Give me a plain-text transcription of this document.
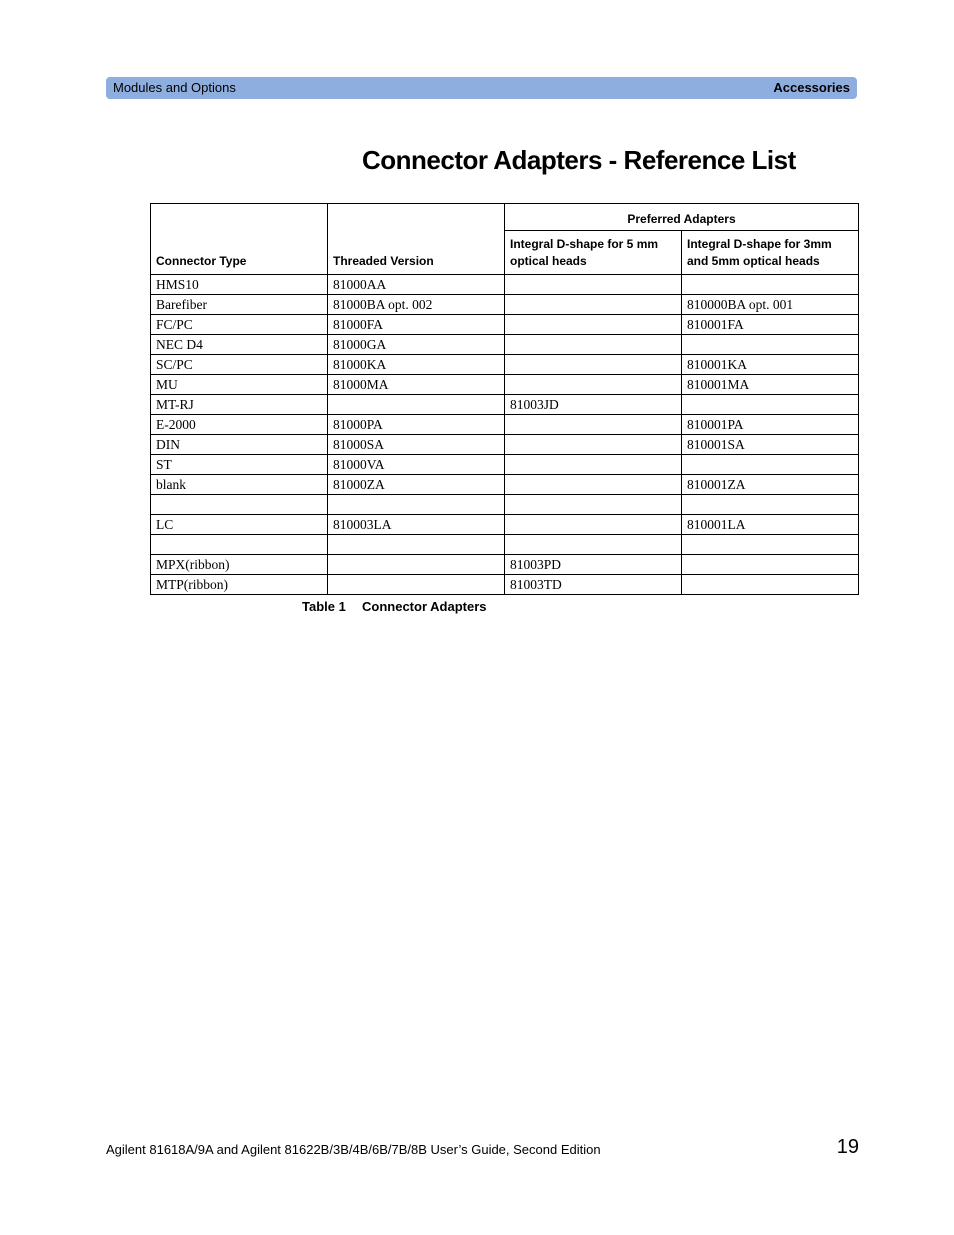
Modules and Options	Accessories
Connector Adapters - Reference List
Connector Type	Threaded Version	Preferred Adapters	
		Integral D-shape for 5 mm optical heads	Integral D-shape for 3mm and 5mm optical heads
HMS10	81000AA		
Barefiber	81000BA opt. 002		810000BA opt. 001
FC/PC	81000FA		810001FA
NEC D4	81000GA		
SC/PC	81000KA		810001KA
MU	81000MA		810001MA
MT-RJ		81003JD	
E-2000	81000PA		810001PA
DIN	81000SA		810001SA
ST	81000VA		
blank	81000ZA		810001ZA

LC	810003LA		810001LA

MPX(ribbon)		81003PD	
MTP(ribbon)		81003TD	
Table 1 Connector Adapters
Agilent 81618A/9A and Agilent 81622B/3B/4B/6B/7B/8B User’s Guide, Second Edition	19
